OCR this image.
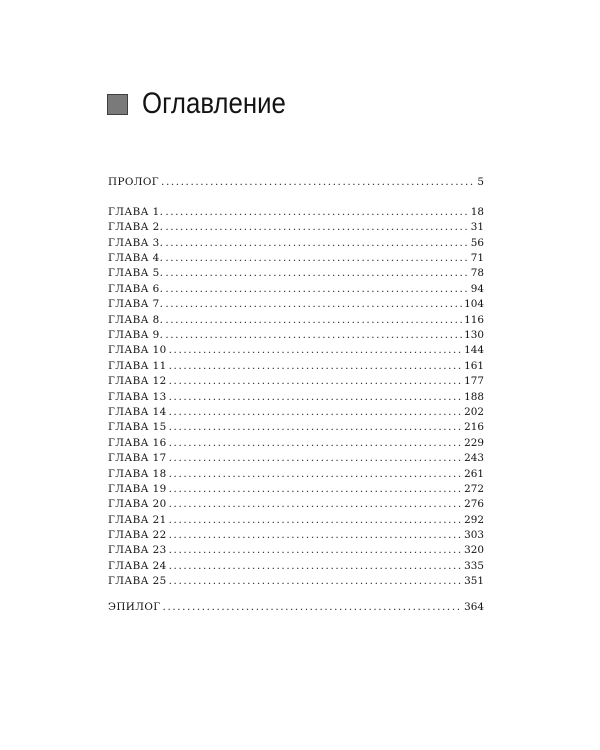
Оглавление
ПРОЛОГ .....	5
ГЛАВА 1. .....	18
ГЛАВА 2. .....	31
ГЛАВА 3. .....	56
ГЛАВА 4. .....	71
ГЛАВА 5. .....	78
ГЛАВА 6. .....	94
ГЛАВА 7. .....	104
ГЛАВА 8. .....	116
ГЛАВА 9. .....	130
ГЛАВА 10 .....	144
ГЛАВА 11 .....	161
ГЛАВА 12 .....	177
ГЛАВА 13 .....	188
ГЛАВА 14 .....	202
ГЛАВА 15 .....	216
ГЛАВА 16 .....	229
ГЛАВА 17 .....	243
ГЛАВА 18 .....	261
ГЛАВА 19 .....	272
ГЛАВА 20 .....	276
ГЛАВА 21 .....	292
ГЛАВА 22 .....	303
ГЛАВА 23 .....	320
ГЛАВА 24 .....	335
ГЛАВА 25 .....	351
ЭПИЛОГ .....	364
